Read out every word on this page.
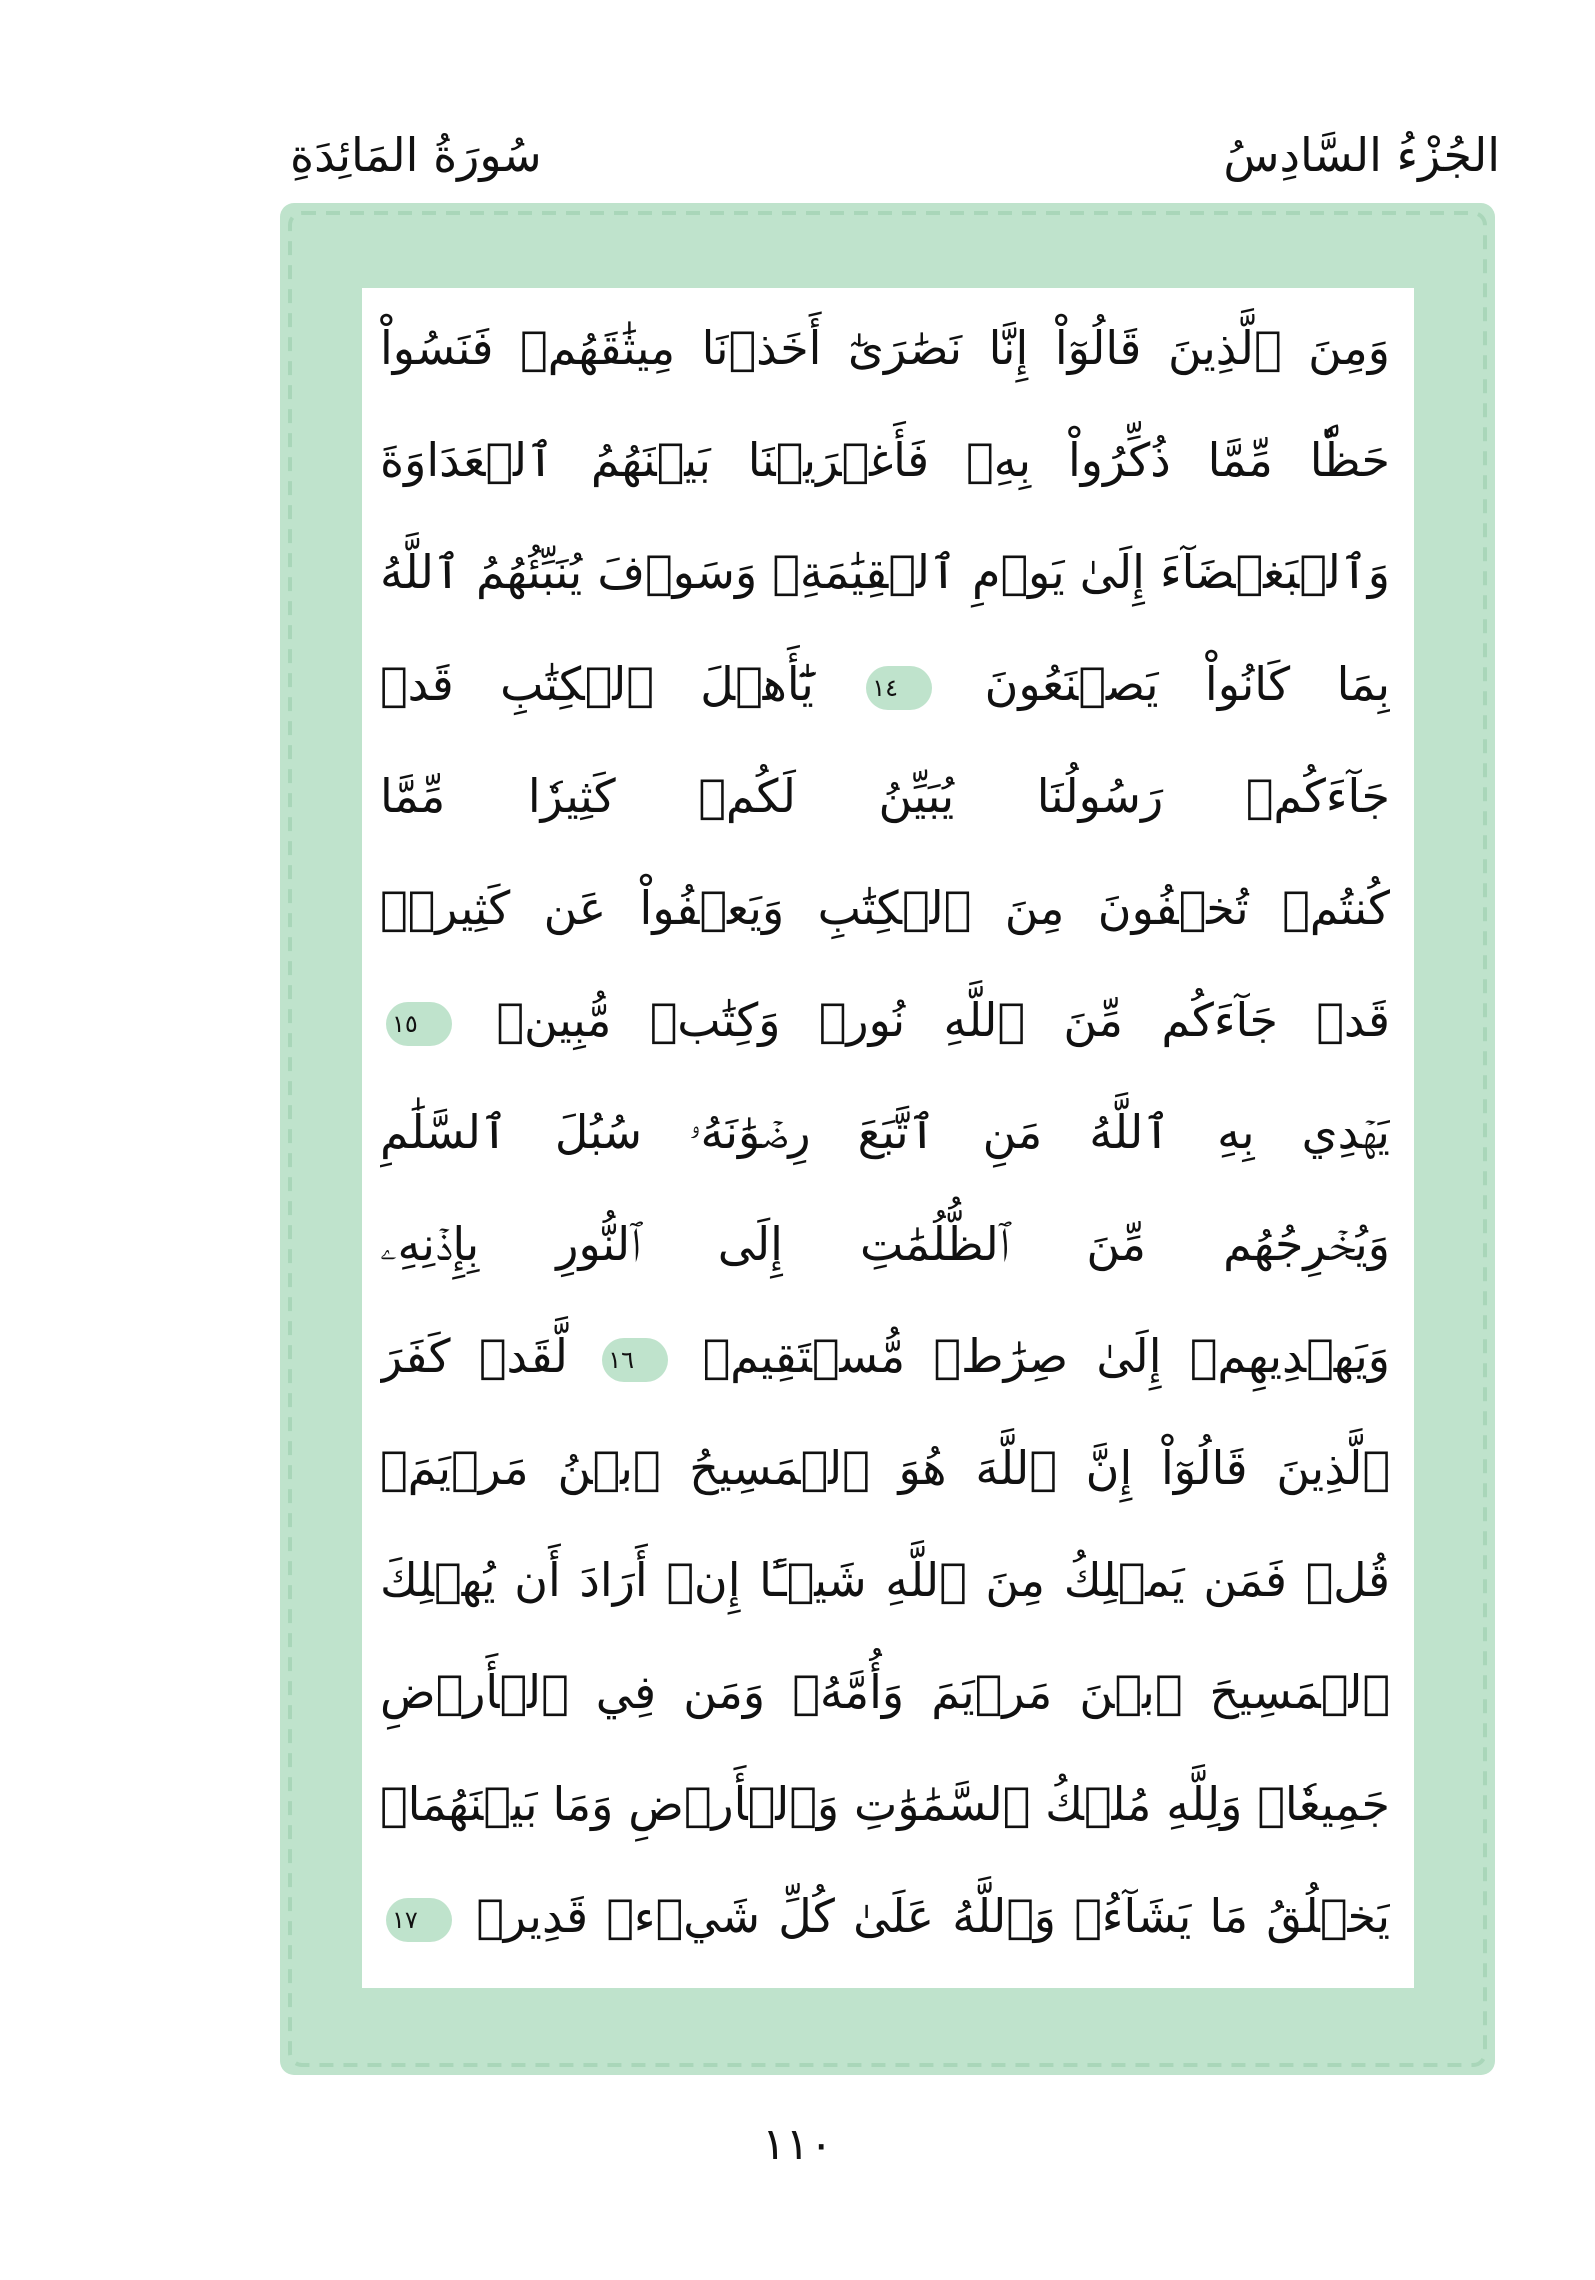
الجُزْءُ السَّادِسُ
سُورَةُ المَائِدَةِ
وَمِنَ ٱلَّذِينَ قَالُوٓاْ إِنَّا نَصَٰرَىٰٓ أَخَذۡنَا مِيثَٰقَهُمۡ فَنَسُواْ
حَظّٗا مِّمَّا ذُكِّرُواْ بِهِۦ فَأَغۡرَيۡنَا بَيۡنَهُمُ ٱلۡعَدَاوَةَ
وَٱلۡبَغۡضَآءَ إِلَىٰ يَوۡمِ ٱلۡقِيَٰمَةِۚ وَسَوۡفَ يُنَبِّئُهُمُ ٱللَّهُ
بِمَا كَانُواْ يَصۡنَعُونَ ١٤ يَٰٓأَهۡلَ ٱلۡكِتَٰبِ قَدۡ
جَآءَكُمۡ رَسُولُنَا يُبَيِّنُ لَكُمۡ كَثِيرٗا مِّمَّا
كُنتُمۡ تُخۡفُونَ مِنَ ٱلۡكِتَٰبِ وَيَعۡفُواْ عَن كَثِيرٖۚ
قَدۡ جَآءَكُم مِّنَ ٱللَّهِ نُورٞ وَكِتَٰبٞ مُّبِينٞ ١٥
يَهۡدِي بِهِ ٱللَّهُ مَنِ ٱتَّبَعَ رِضۡوَٰنَهُۥ سُبُلَ ٱلسَّلَٰمِ
وَيُخۡرِجُهُم مِّنَ ٱلظُّلُمَٰتِ إِلَى ٱلنُّورِ بِإِذۡنِهِۦ
وَيَهۡدِيهِمۡ إِلَىٰ صِرَٰطٖ مُّسۡتَقِيمٖ ١٦ لَّقَدۡ كَفَرَ
ٱلَّذِينَ قَالُوٓاْ إِنَّ ٱللَّهَ هُوَ ٱلۡمَسِيحُ ٱبۡنُ مَرۡيَمَۚ
قُلۡ فَمَن يَمۡلِكُ مِنَ ٱللَّهِ شَيۡـًٔا إِنۡ أَرَادَ أَن يُهۡلِكَ
ٱلۡمَسِيحَ ٱبۡنَ مَرۡيَمَ وَأُمَّهُۥ وَمَن فِي ٱلۡأَرۡضِ
جَمِيعٗاۗ وَلِلَّهِ مُلۡكُ ٱلسَّمَٰوَٰتِ وَٱلۡأَرۡضِ وَمَا بَيۡنَهُمَاۚ
يَخۡلُقُ مَا يَشَآءُۚ وَٱللَّهُ عَلَىٰ كُلِّ شَيۡءٖ قَدِيرٞ ١٧
١١٠
